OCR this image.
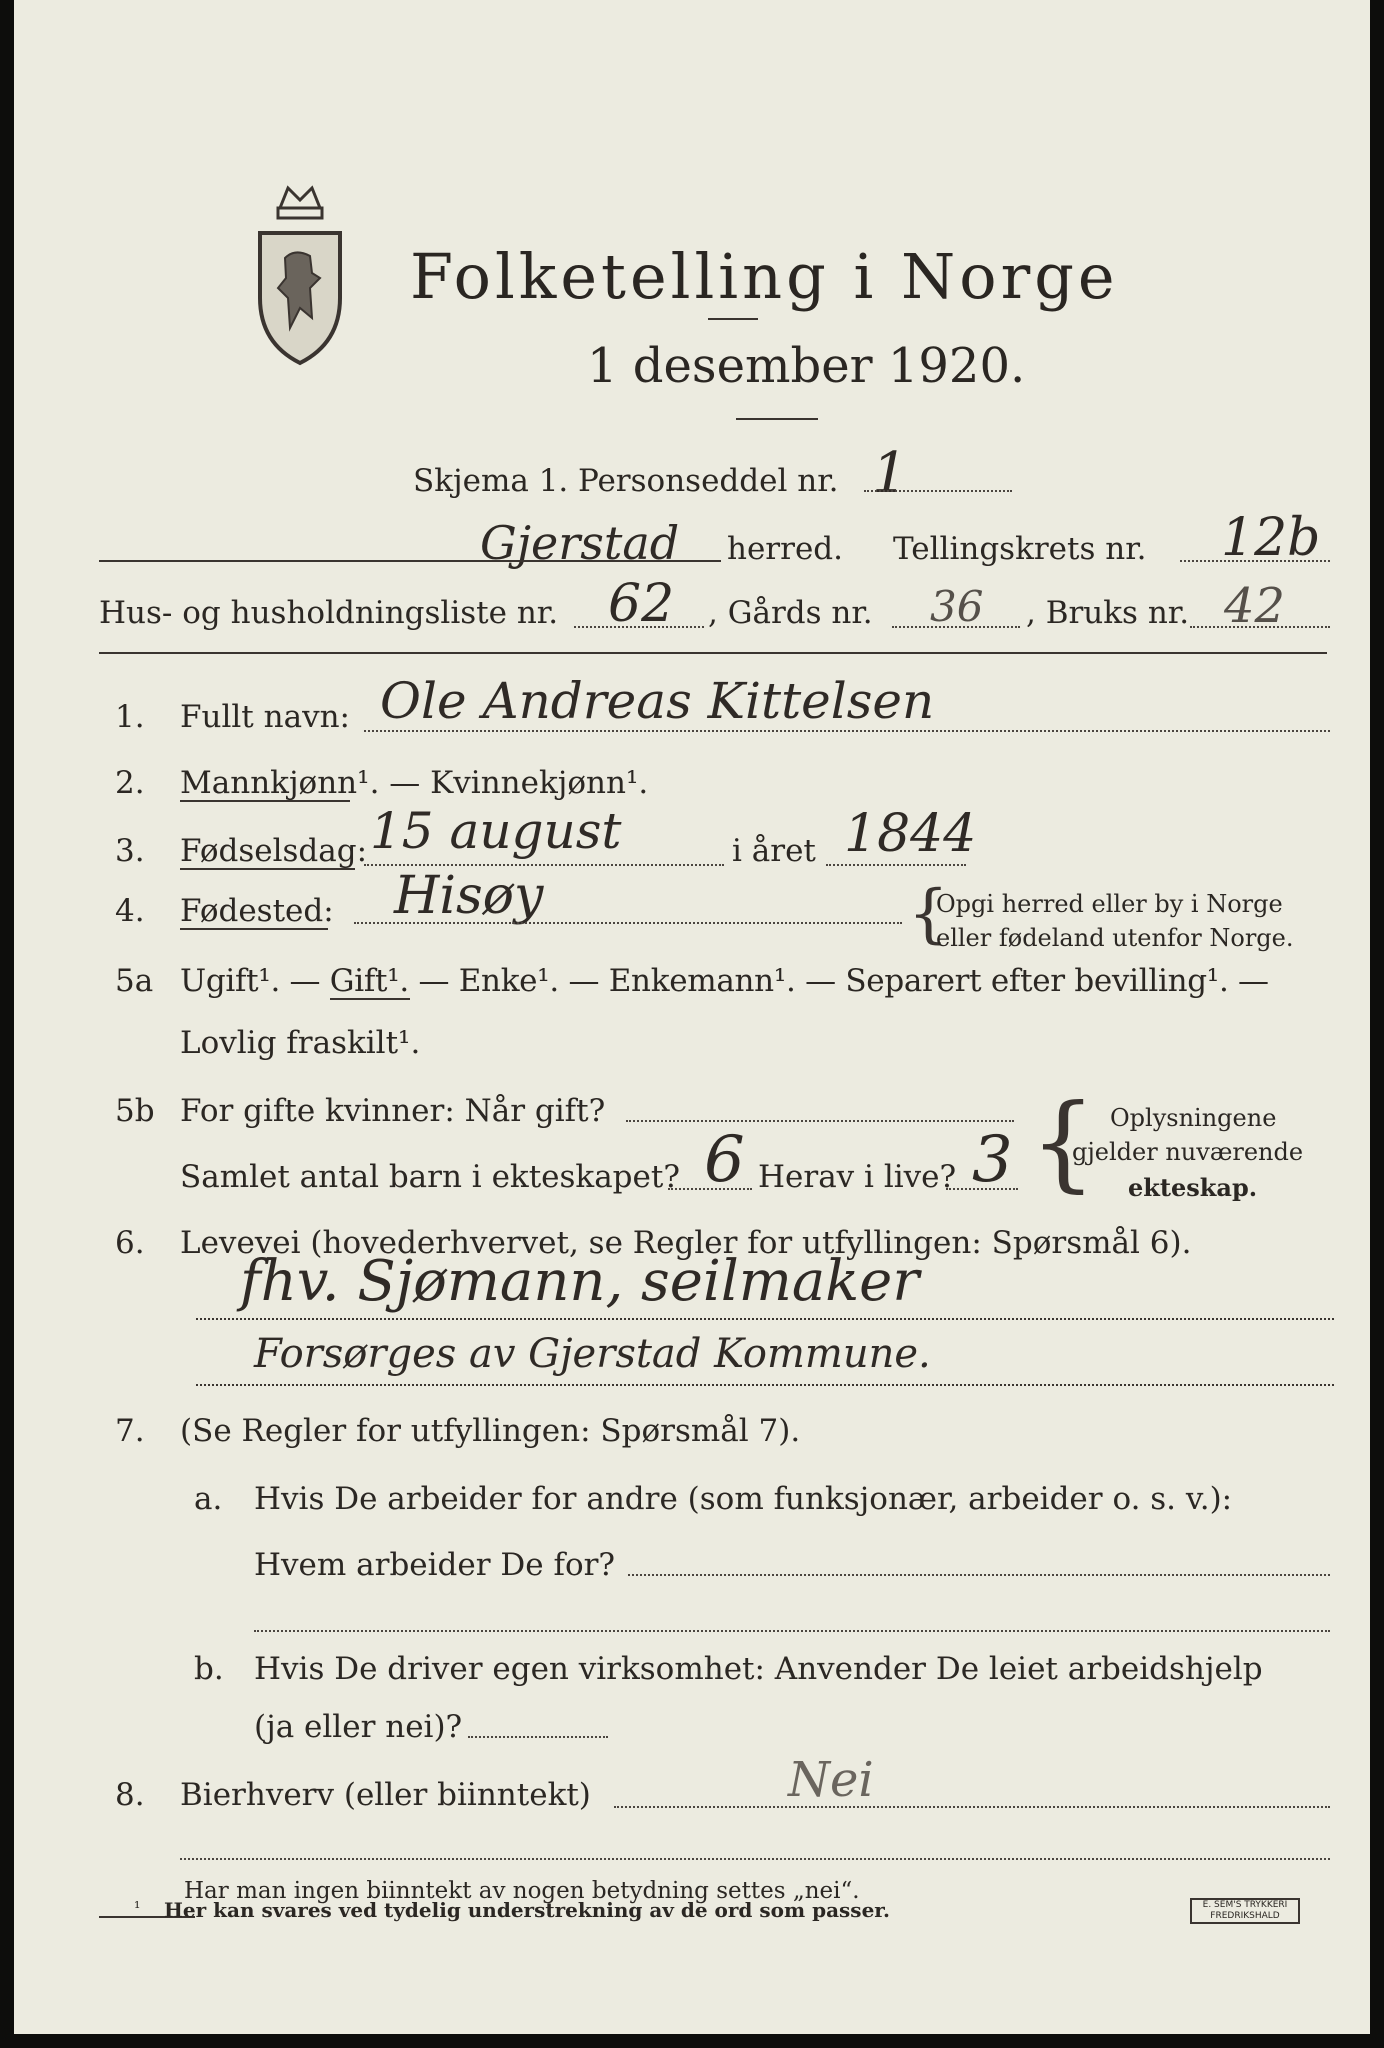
Folketelling i Norge
1 desember 1920.
Skjema 1. Personseddel nr. 1
Gjerstad herred. Tellingskrets nr. 12b
Hus- og husholdningsliste nr. 62 , Gårds nr. 36 , Bruks nr. 42
1. Fullt navn: Ole Andreas Kittelsen
2. Mannkjønn¹. — Kvinnekjønn¹.
3. Fødselsdag: 15 august	i året 1844
4. Fødested: Hisøy	{
Opgi herred eller by i Norge
eller fødeland utenfor Norge.
5a Ugift¹. — Gift¹. — Enke¹. — Enkemann¹. — Separert efter bevilling¹. —
Lovlig fraskilt¹.
5b For gifte kvinner: Når gift?
Samlet antal barn i ekteskapet? 6 Herav i live? 3 { Oplysningene
gjelder nuværende
ekteskap.
6. Levevei (hovederhvervet, se Regler for utfyllingen: Spørsmål 6).
fhv. Sjømann, seilmaker
Forsørges av Gjerstad Kommune.
7. (Se Regler for utfyllingen: Spørsmål 7).
a. Hvis De arbeider for andre (som funksjonær, arbeider o. s. v.):
Hvem arbeider De for?
b. Hvis De driver egen virksomhet: Anvender De leiet arbeidshjelp
(ja eller nei)?
8. Bierhverv (eller biinntekt)	Nei
Har man ingen biinntekt av nogen betydning settes „nei“.
¹ Her kan svares ved tydelig understrekning av de ord som passer.	E. SEM'S TRYKKERI FREDRIKSHALD
